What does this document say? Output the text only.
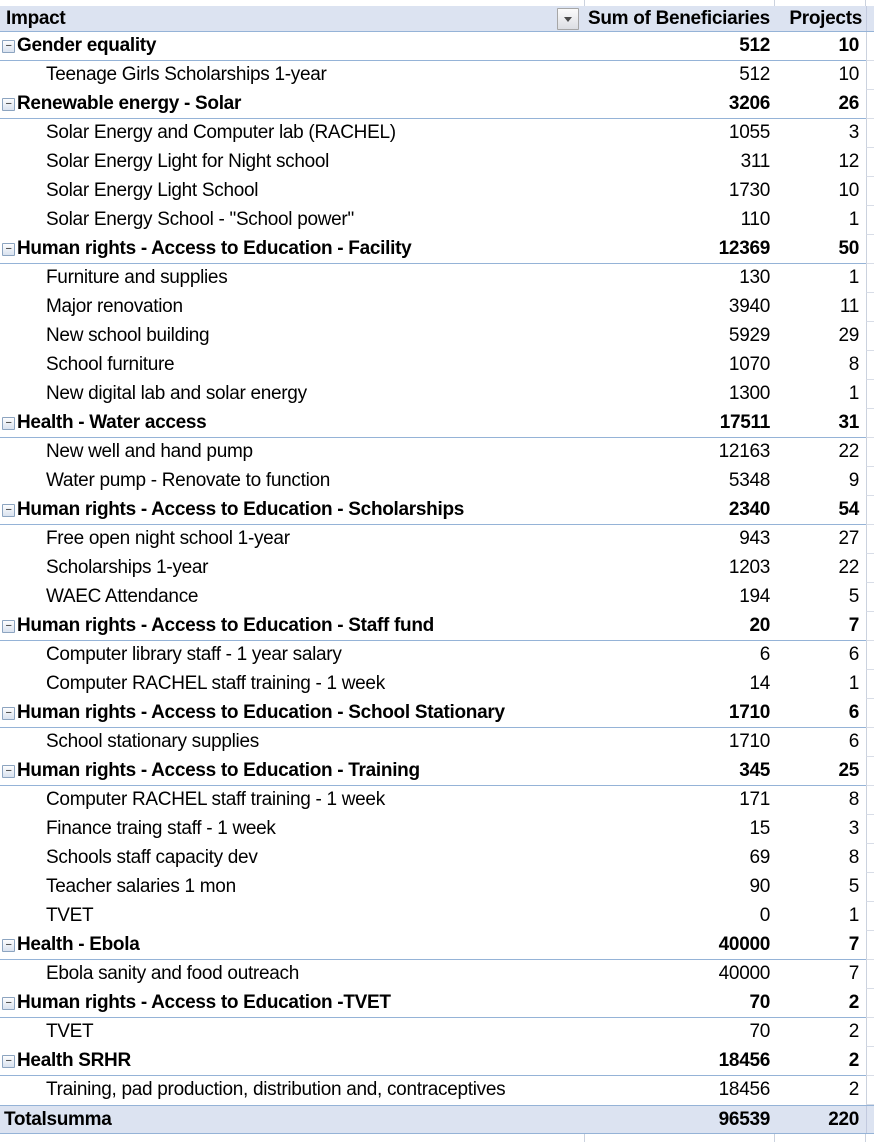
Impact	Sum of Beneficiaries	Projects
− Gender equality	512	10
Teenage Girls Scholarships 1-year	512	10
− Renewable energy - Solar	3206	26
Solar Energy and Computer lab (RACHEL)	1055	3
Solar Energy Light for Night school	311	12
Solar Energy Light School	1730	10
Solar Energy School - "School power"	110	1
− Human rights - Access to Education - Facility	12369	50
Furniture and supplies	130	1
Major renovation	3940	11
New school building	5929	29
School furniture	1070	8
New digital lab and solar energy	1300	1
− Health - Water access	17511	31
New well and hand pump	12163	22
Water pump - Renovate to function	5348	9
− Human rights - Access to Education - Scholarships	2340	54
Free open night school 1-year	943	27
Scholarships 1-year	1203	22
WAEC Attendance	194	5
− Human rights - Access to Education - Staff fund	20	7
Computer library staff - 1 year salary	6	6
Computer RACHEL staff training - 1 week	14	1
− Human rights - Access to Education - School Stationary	1710	6
School stationary supplies	1710	6
− Human rights - Access to Education - Training	345	25
Computer RACHEL staff training - 1 week	171	8
Finance traing staff - 1 week	15	3
Schools staff capacity dev	69	8
Teacher salaries 1 mon	90	5
TVET	0	1
− Health - Ebola	40000	7
Ebola sanity and food outreach	40000	7
− Human rights - Access to Education -TVET	70	2
TVET	70	2
− Health SRHR	18456	2
Training, pad production, distribution and, contraceptives	18456	2
Totalsumma	96539	220
